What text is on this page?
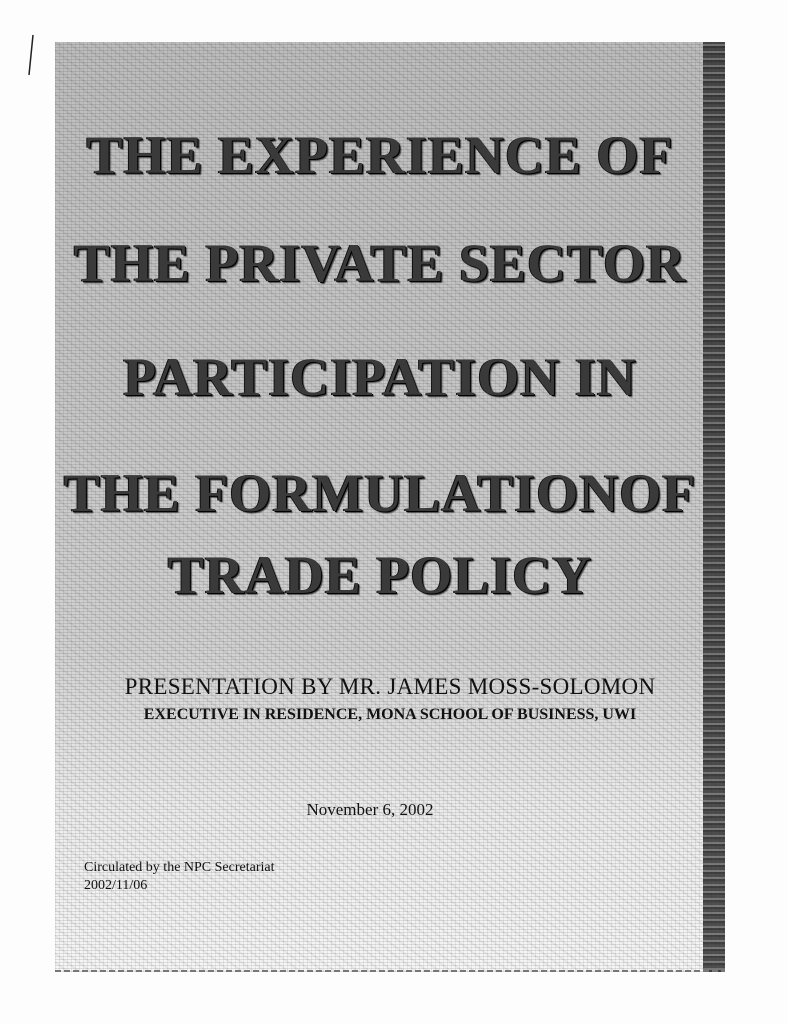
THE EXPERIENCE OF
THE PRIVATE SECTOR
PARTICIPATION IN
THE FORMULATIONOF
TRADE POLICY
PRESENTATION BY MR. JAMES MOSS-SOLOMON
EXECUTIVE IN RESIDENCE, MONA SCHOOL OF BUSINESS, UWI
November 6, 2002
Circulated by the NPC Secretariat
2002/11/06
